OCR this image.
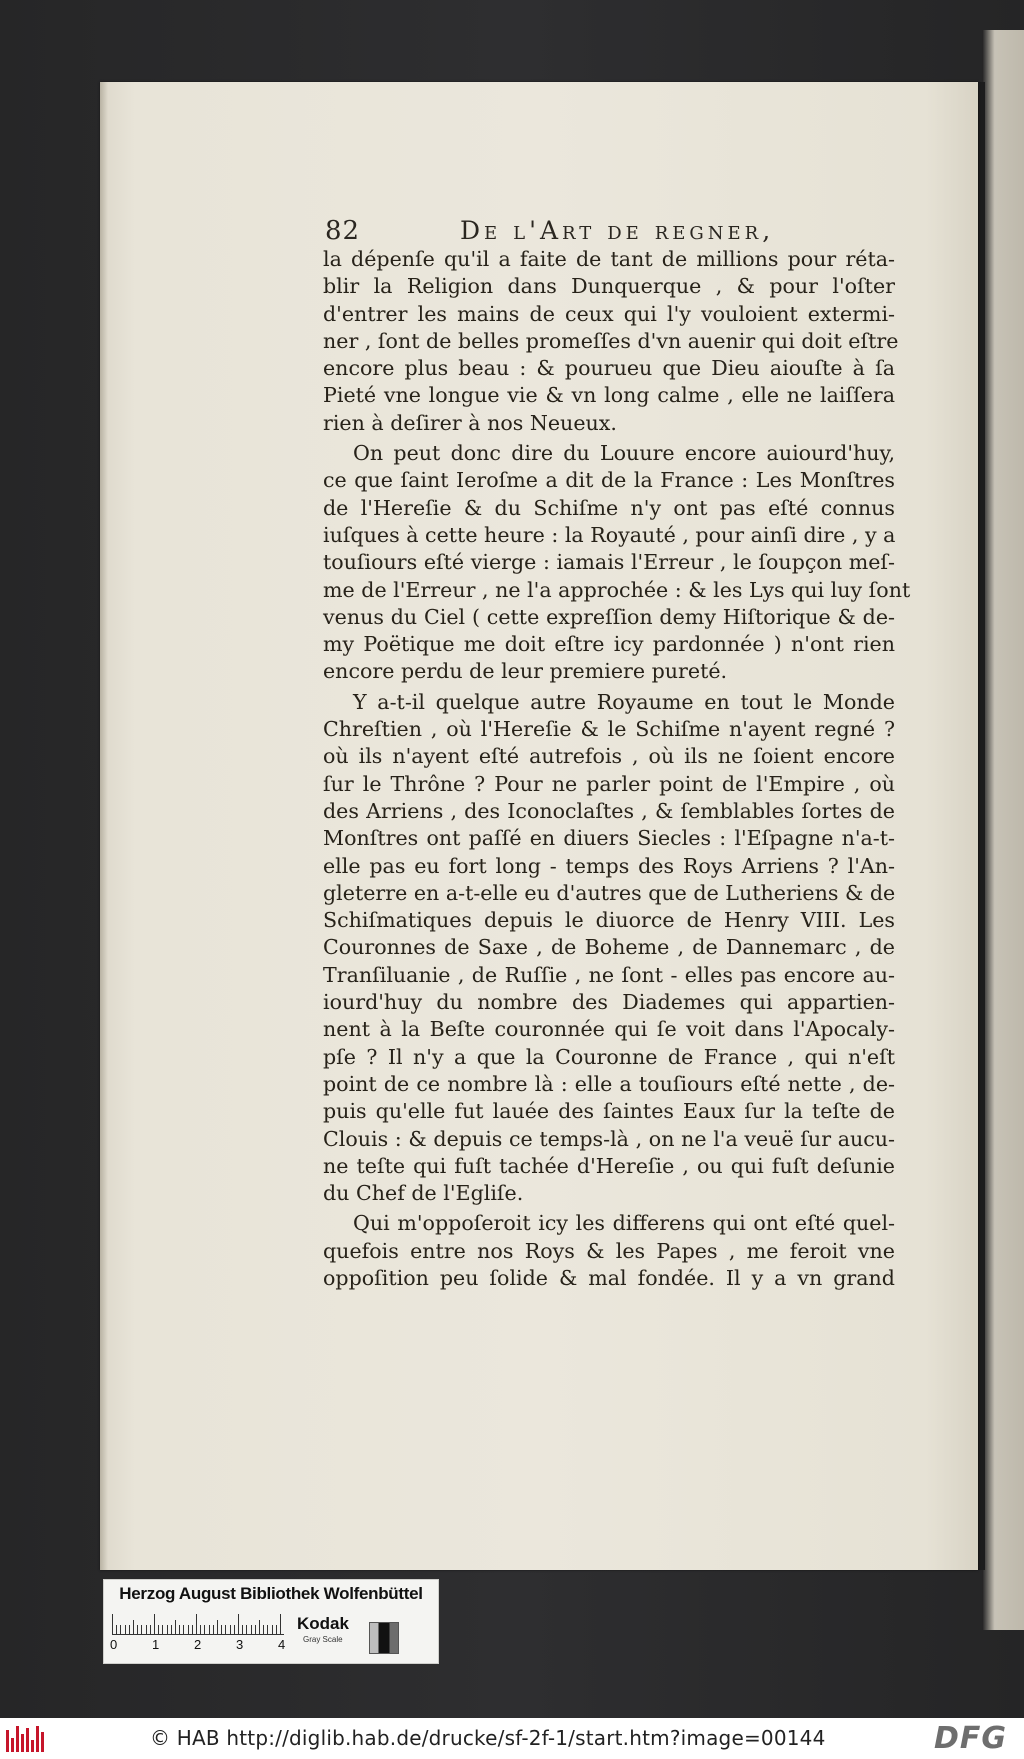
82	De l'Art de regner,
la dépenſe qu'il a faite de tant de millions pour réta-
blir la Religion dans Dunquerque , & pour l'oſter
d'entrer les mains de ceux qui l'y vouloient extermi-
ner , ſont de belles promeſſes d'vn auenir qui doit eſtre
encore plus beau : & pourueu que Dieu aiouſte à ſa
Pieté vne longue vie & vn long calme , elle ne laiſſera
rien à deſirer à nos Neueux.
On peut donc dire du Louure encore auiourd'huy,
ce que ſaint Ieroſme a dit de la France : Les Monſtres
de l'Hereſie & du Schiſme n'y ont pas eſté connus
iuſques à cette heure : la Royauté , pour ainſi dire , y a
touſiours eſté vierge : iamais l'Erreur , le ſoupçon meſ-
me de l'Erreur , ne l'a approchée : & les Lys qui luy ſont
venus du Ciel ( cette expreſſion demy Hiſtorique & de-
my Poëtique me doit eſtre icy pardonnée ) n'ont rien
encore perdu de leur premiere pureté.
Y a-t-il quelque autre Royaume en tout le Monde
Chreſtien , où l'Hereſie & le Schiſme n'ayent regné ?
où ils n'ayent eſté autrefois , où ils ne ſoient encore
ſur le Thrône ? Pour ne parler point de l'Empire , où
des Arriens , des Iconoclaſtes , & ſemblables ſortes de
Monſtres ont paſſé en diuers Siecles : l'Eſpagne n'a-t-
elle pas eu fort long - temps des Roys Arriens ? l'An-
gleterre en a-t-elle eu d'autres que de Lutheriens & de
Schiſmatiques depuis le diuorce de Henry VIII. Les
Couronnes de Saxe , de Boheme , de Dannemarc , de
Tranſiluanie , de Ruſſie , ne ſont - elles pas encore au-
iourd'huy du nombre des Diademes qui appartien-
nent à la Beſte couronnée qui ſe voit dans l'Apocaly-
pſe ? Il n'y a que la Couronne de France , qui n'eſt
point de ce nombre là : elle a touſiours eſté nette , de-
puis qu'elle fut lauée des ſaintes Eaux ſur la teſte de
Clouis : & depuis ce temps-là , on ne l'a veuë ſur aucu-
ne teſte qui fuſt tachée d'Hereſie , ou qui fuſt deſunie
du Chef de l'Egliſe.
Qui m'oppoſeroit icy les differens qui ont eſté quel-
quefois entre nos Roys & les Papes , me feroit vne
oppoſition peu ſolide & mal fondée. Il y a vn grand
Herzog August Bibliothek Wolfenbüttel
0	1	2	3	4
Kodak
Gray Scale
© HAB http://diglib.hab.de/drucke/sf-2f-1/start.htm?image=00144	DFG
